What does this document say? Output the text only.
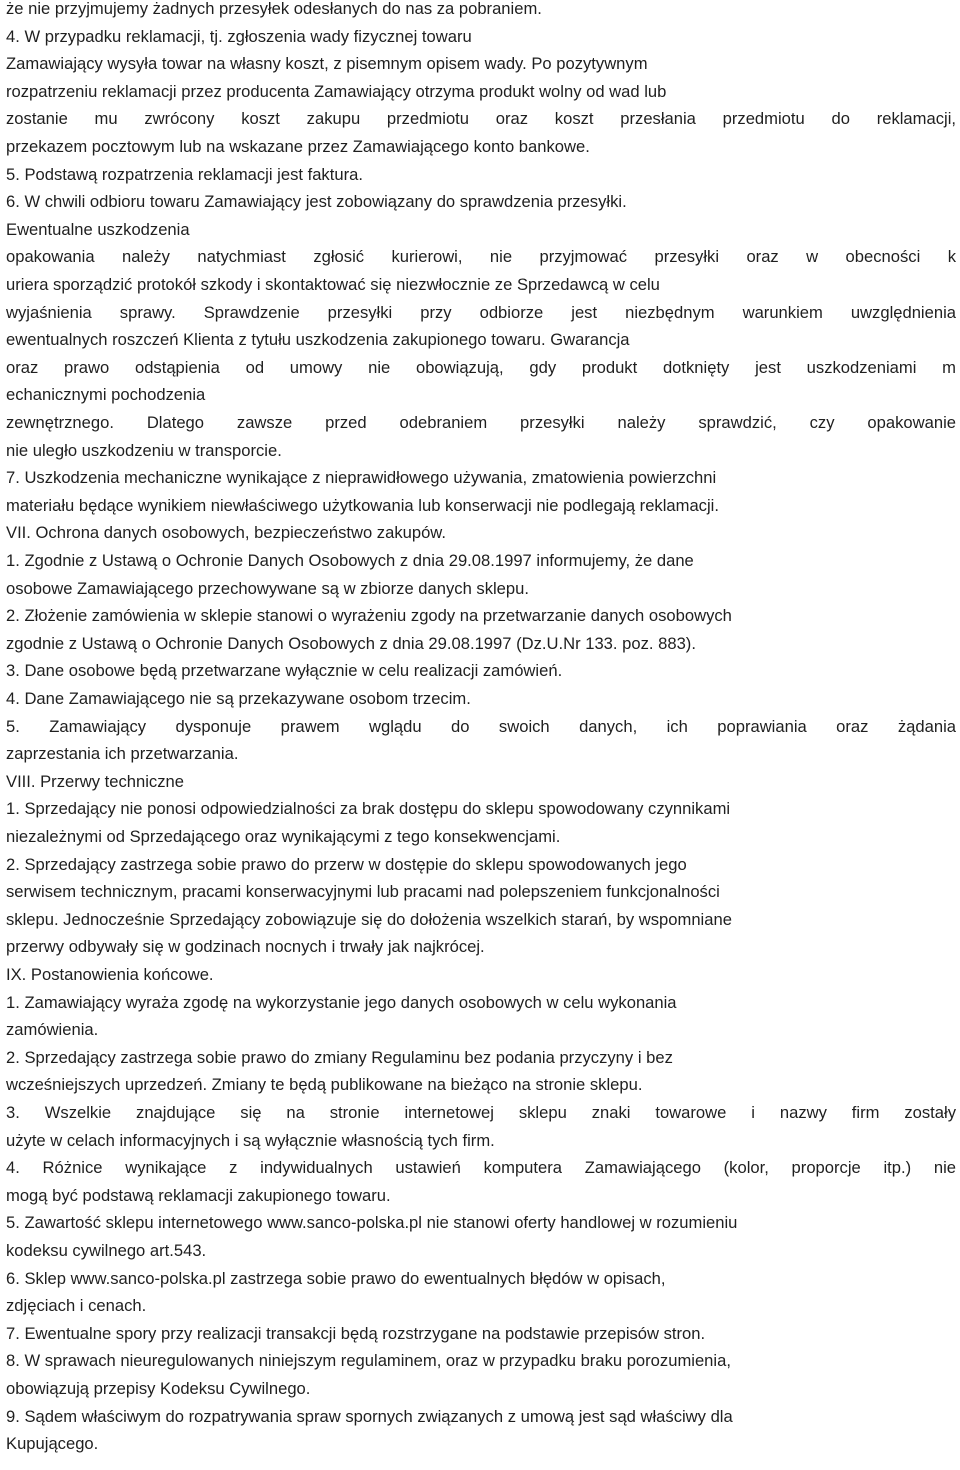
że nie przyjmujemy żadnych przesyłek odesłanych do nas za pobraniem.
4. W przypadku reklamacji, tj. zgłoszenia wady fizycznej towaru
Zamawiający wysyła towar na własny koszt, z pisemnym opisem wady. Po pozytywnym
rozpatrzeniu reklamacji przez producenta Zamawiający otrzyma produkt wolny od wad lub
zostanie mu zwrócony koszt zakupu przedmiotu oraz koszt przesłania przedmiotu do reklamacji,
przekazem pocztowym lub na wskazane przez Zamawiającego konto bankowe.
5. Podstawą rozpatrzenia reklamacji jest faktura.
6. W chwili odbioru towaru Zamawiający jest zobowiązany do sprawdzenia przesyłki.
Ewentualne uszkodzenia
opakowania należy natychmiast zgłosić kurierowi, nie przyjmować przesyłki oraz w obecności k
uriera sporządzić protokół szkody i skontaktować się niezwłocznie ze Sprzedawcą w celu
wyjaśnienia sprawy. Sprawdzenie przesyłki przy odbiorze jest niezbędnym warunkiem uwzględnienia
ewentualnych roszczeń Klienta z tytułu uszkodzenia zakupionego towaru. Gwarancja
oraz prawo odstąpienia od umowy nie obowiązują, gdy produkt dotknięty jest uszkodzeniami m
echanicznymi pochodzenia
zewnętrznego. Dlatego zawsze przed odebraniem przesyłki należy sprawdzić, czy opakowanie
nie uległo uszkodzeniu w transporcie.
7. Uszkodzenia mechaniczne wynikające z nieprawidłowego używania, zmatowienia powierzchni
materiału będące wynikiem niewłaściwego użytkowania lub konserwacji nie podlegają reklamacji.
VII. Ochrona danych osobowych, bezpieczeństwo zakupów.
1. Zgodnie z Ustawą o Ochronie Danych Osobowych z dnia 29.08.1997 informujemy, że dane
osobowe Zamawiającego przechowywane są w zbiorze danych sklepu.
2. Złożenie zamówienia w sklepie stanowi o wyrażeniu zgody na przetwarzanie danych osobowych
zgodnie z Ustawą o Ochronie Danych Osobowych z dnia 29.08.1997 (Dz.U.Nr 133. poz. 883).
3. Dane osobowe będą przetwarzane wyłącznie w celu realizacji zamówień.
4. Dane Zamawiającego nie są przekazywane osobom trzecim.
5. Zamawiający dysponuje prawem wglądu do swoich danych, ich poprawiania oraz żądania
zaprzestania ich przetwarzania.
VIII. Przerwy techniczne
1. Sprzedający nie ponosi odpowiedzialności za brak dostępu do sklepu spowodowany czynnikami
niezależnymi od Sprzedającego oraz wynikającymi z tego konsekwencjami.
2. Sprzedający zastrzega sobie prawo do przerw w dostępie do sklepu spowodowanych jego
serwisem technicznym, pracami konserwacyjnymi lub pracami nad polepszeniem funkcjonalności
sklepu. Jednocześnie Sprzedający zobowiązuje się do dołożenia wszelkich starań, by wspomniane
przerwy odbywały się w godzinach nocnych i trwały jak najkrócej.
IX. Postanowienia końcowe.
1. Zamawiający wyraża zgodę na wykorzystanie jego danych osobowych w celu wykonania
zamówienia.
2. Sprzedający zastrzega sobie prawo do zmiany Regulaminu bez podania przyczyny i bez
wcześniejszych uprzedzeń. Zmiany te będą publikowane na bieżąco na stronie sklepu.
3. Wszelkie znajdujące się na stronie internetowej sklepu znaki towarowe i nazwy firm zostały
użyte w celach informacyjnych i są wyłącznie własnością tych firm.
4. Różnice wynikające z indywidualnych ustawień komputera Zamawiającego (kolor, proporcje itp.) nie
mogą być podstawą reklamacji zakupionego towaru.
5. Zawartość sklepu internetowego www.sanco-polska.pl nie stanowi oferty handlowej w rozumieniu
kodeksu cywilnego art.543.
6. Sklep www.sanco-polska.pl zastrzega sobie prawo do ewentualnych błędów w opisach,
zdjęciach i cenach.
7. Ewentualne spory przy realizacji transakcji będą rozstrzygane na podstawie przepisów stron.
8. W sprawach nieuregulowanych niniejszym regulaminem, oraz w przypadku braku porozumienia,
obowiązują przepisy Kodeksu Cywilnego.
9. Sądem właściwym do rozpatrywania spraw spornych związanych z umową jest sąd właściwy dla
Kupującego.
